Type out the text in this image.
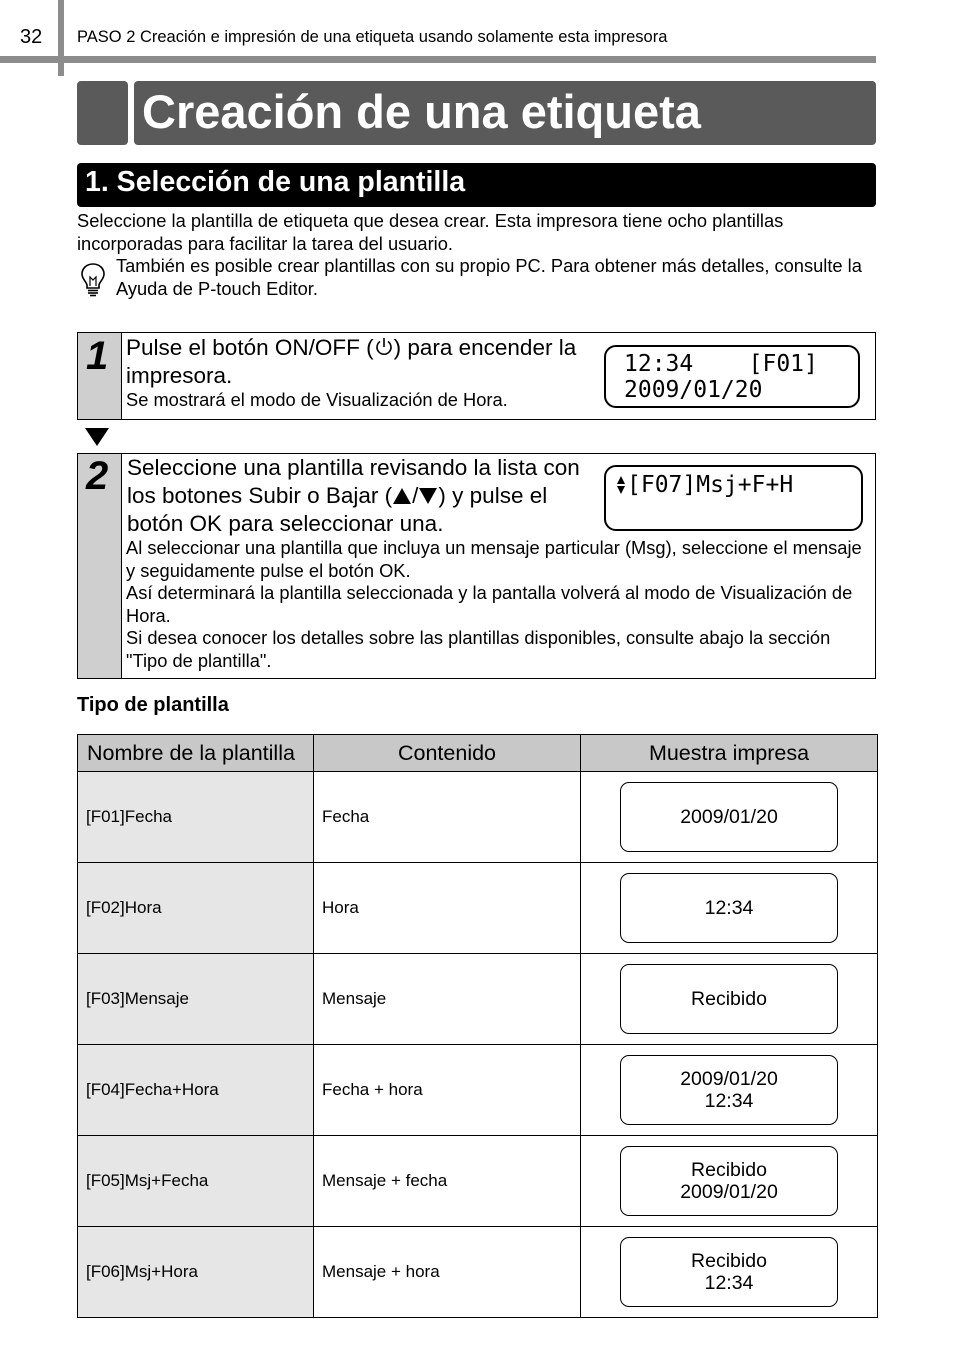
32 PASO 2 Creación e impresión de una etiqueta usando solamente esta impresora
Creación de una etiqueta
1. Selección de una plantilla
Seleccione la plantilla de etiqueta que desea crear. Esta impresora tiene ocho plantillas incorporadas para facilitar la tarea del usuario.
También es posible crear plantillas con su propio PC. Para obtener más detalles, consulte la Ayuda de P-touch Editor.
1 Pulse el botón ON/OFF ( ) para encender la impresora.
Se mostrará el modo de Visualización de Hora.
12:34    [F01]
2009/01/20
2 Seleccione una plantilla revisando la lista con los botones Subir o Bajar ( / ) y pulse el botón OK para seleccionar una.
Al seleccionar una plantilla que incluya un mensaje particular (Msg), seleccione el mensaje y seguidamente pulse el botón OK.
Así determinará la plantilla seleccionada y la pantalla volverá al modo de Visualización de Hora.
Si desea conocer los detalles sobre las plantillas disponibles, consulte abajo la sección "Tipo de plantilla".
[F07]Msj+F+H
Tipo de plantilla
Nombre de la plantilla	Contenido	Muestra impresa
[F01]Fecha	Fecha	2009/01/20

[F02]Hora	Hora	12:34

[F03]Mensaje	Mensaje	Recibido

[F04]Fecha+Hora	Fecha + hora	2009/01/20
12:34

[F05]Msj+Fecha	Mensaje + fecha	Recibido
2009/01/20

[F06]Msj+Hora	Mensaje + hora	Recibido
12:34
